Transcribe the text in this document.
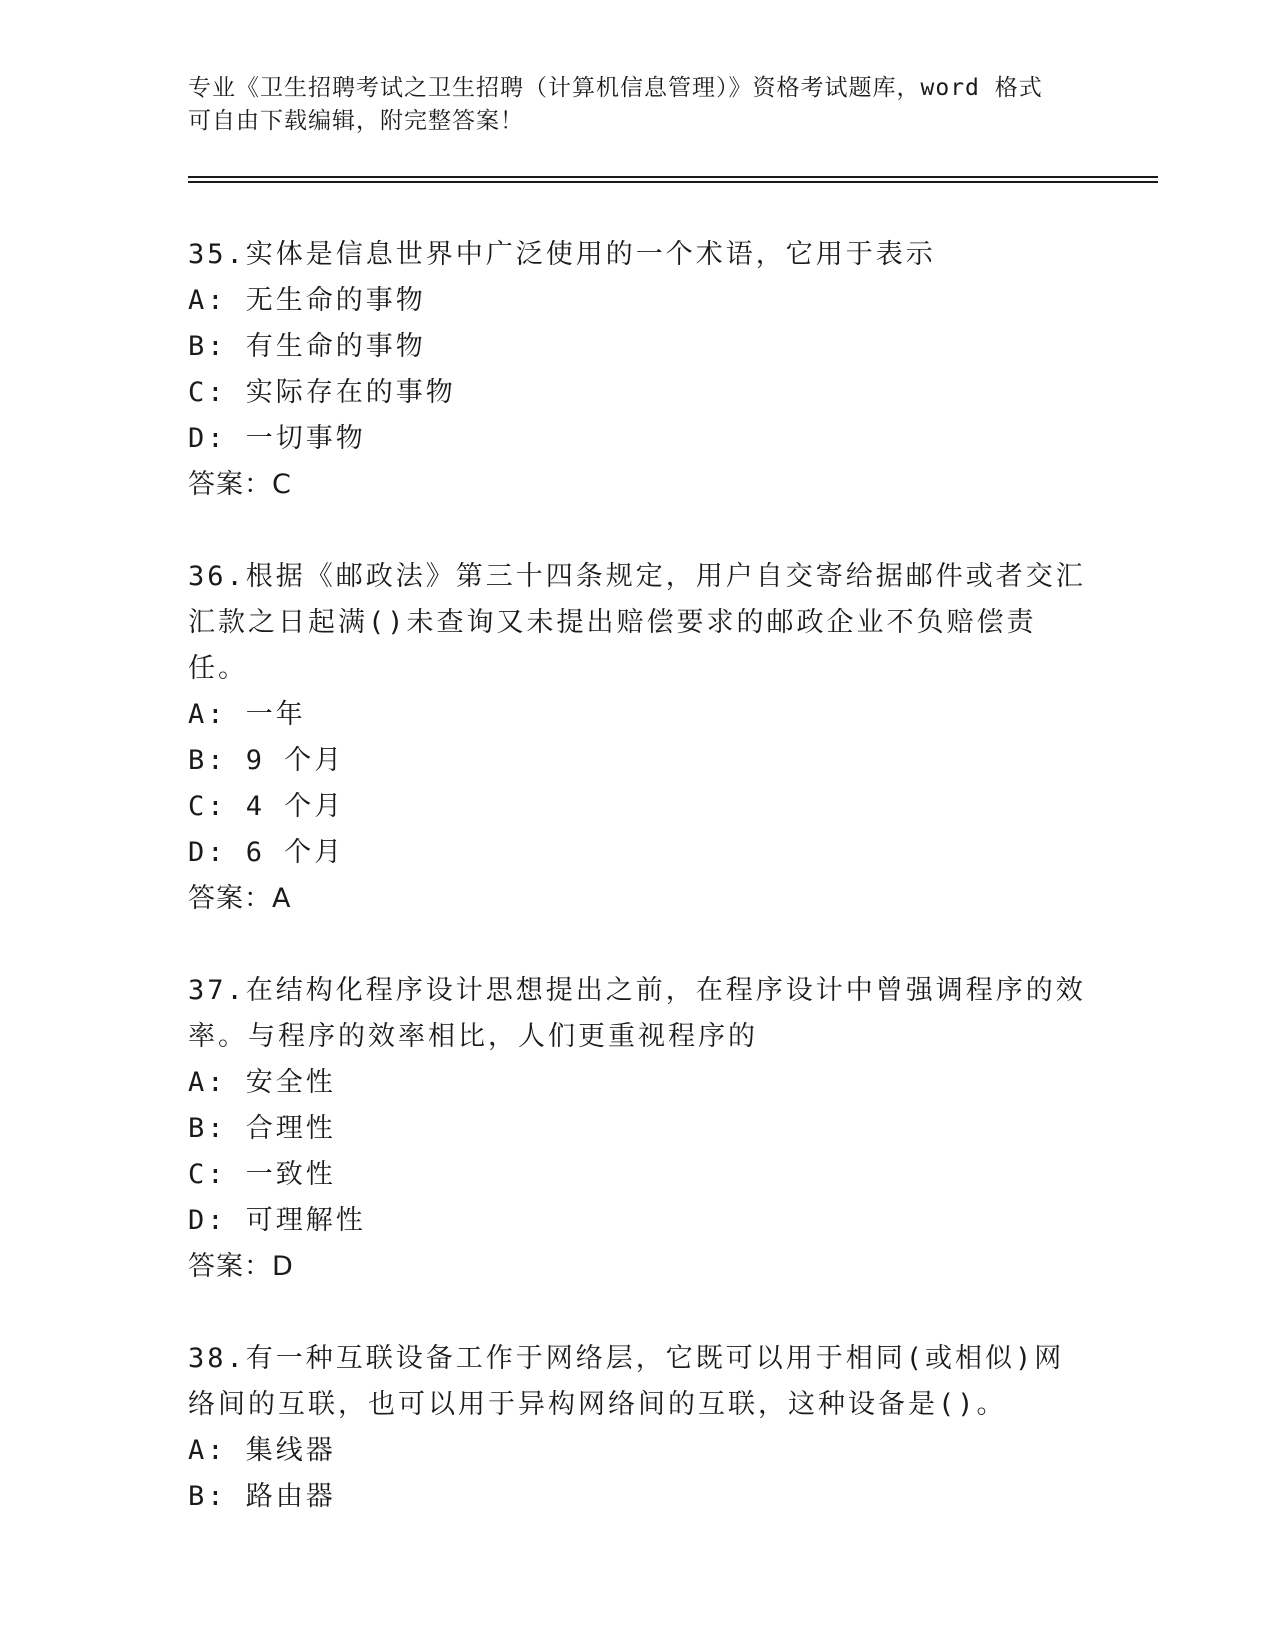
专业《卫生招聘考试之卫生招聘（计算机信息管理）》资格考试题库，word 格式
可自由下载编辑，附完整答案！
35.实体是信息世界中广泛使用的一个术语，它用于表示
A: 无生命的事物
B: 有生命的事物
C: 实际存在的事物
D: 一切事物
答案：C
36.根据《邮政法》第三十四条规定，用户自交寄给据邮件或者交汇汇款之日起满()未查询又未提出赔偿要求的邮政企业不负赔偿责任。
A: 一年
B: 9 个月
C: 4 个月
D: 6 个月
答案：A
37.在结构化程序设计思想提出之前，在程序设计中曾强调程序的效率。与程序的效率相比，人们更重视程序的
A: 安全性
B: 合理性
C: 一致性
D: 可理解性
答案：D
38.有一种互联设备工作于网络层，它既可以用于相同(或相似)网络间的互联，也可以用于异构网络间的互联，这种设备是()。
A: 集线器
B: 路由器
